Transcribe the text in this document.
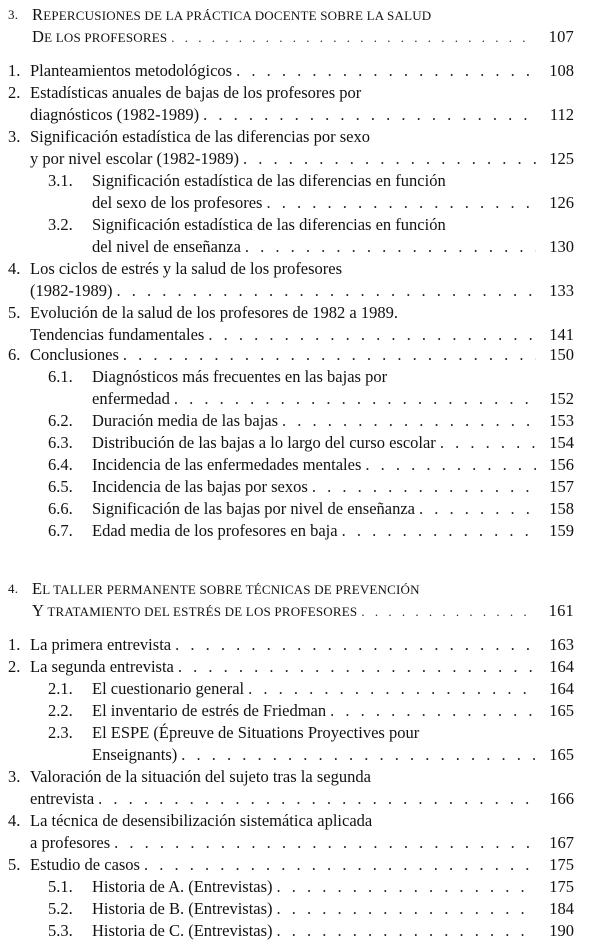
3. REPERCUSIONES DE LA PRÁCTICA DOCENTE SOBRE LA SALUD
DE LOS PROFESORES . . .	107
1. Planteamientos metodológicos . . .	108
2. Estadísticas anuales de bajas de los profesores por
diagnósticos (1982-1989) . . .	112
3. Significación estadística de las diferencias por sexo
y por nivel escolar (1982-1989) . . .	125
3.1. Significación estadística de las diferencias en función
del sexo de los profesores . . .	126
3.2. Significación estadística de las diferencias en función
del nivel de enseñanza . . .	130
4. Los ciclos de estrés y la salud de los profesores
(1982-1989) . . .	133
5. Evolución de la salud de los profesores de 1982 a 1989.
Tendencias fundamentales . . .	141
6. Conclusiones . . .	150
6.1. Diagnósticos más frecuentes en las bajas por
enfermedad . . .	152
6.2. Duración media de las bajas . . .	153
6.3. Distribución de las bajas a lo largo del curso escolar . . .	154
6.4. Incidencia de las enfermedades mentales . . .	156
6.5. Incidencia de las bajas por sexos . . .	157
6.6. Significación de las bajas por nivel de enseñanza . . .	158
6.7. Edad media de los profesores en baja . . .	159
4. EL TALLER PERMANENTE SOBRE TÉCNICAS DE PREVENCIÓN
Y TRATAMIENTO DEL ESTRÉS DE LOS PROFESORES . . .	161
1. La primera entrevista . . .	163
2. La segunda entrevista . . .	164
2.1. El cuestionario general . . .	164
2.2. El inventario de estrés de Friedman . . .	165
2.3. El ESPE (Épreuve de Situations Proyectives pour
Enseignants) . . .	165
3. Valoración de la situación del sujeto tras la segunda
entrevista . . .	166
4. La técnica de desensibilización sistemática aplicada
a profesores . . .	167
5. Estudio de casos . . .	175
5.1. Historia de A. (Entrevistas) . . .	175
5.2. Historia de B. (Entrevistas) . . .	184
5.3. Historia de C. (Entrevistas) . . .	190
